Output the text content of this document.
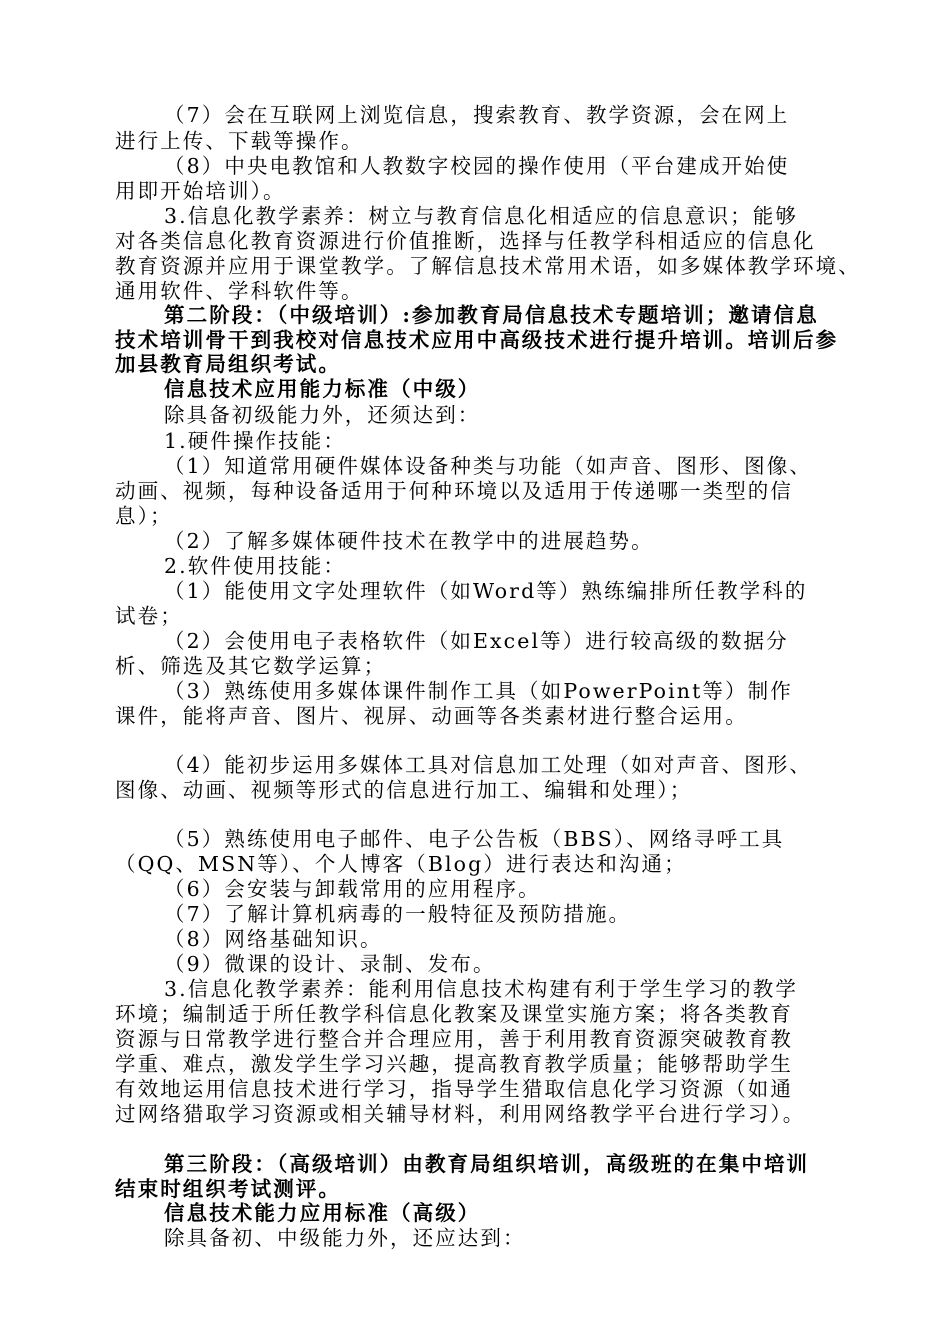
（7）会在互联网上浏览信息，搜索教育、教学资源，会在网上
进行上传、下载等操作。
（8）中央电教馆和人教数字校园的操作使用（平台建成开始使
用即开始培训）。
3.信息化教学素养：树立与教育信息化相适应的信息意识；能够
对各类信息化教育资源进行价值推断，选择与任教学科相适应的信息化
教育资源并应用于课堂教学。了解信息技术常用术语，如多媒体教学环境、
通用软件、学科软件等。
第二阶段：（中级培训）:参加教育局信息技术专题培训；邀请信息
技术培训骨干到我校对信息技术应用中高级技术进行提升培训。培训后参
加县教育局组织考试。
信息技术应用能力标准（中级）
除具备初级能力外，还须达到：
1.硬件操作技能：
（1）知道常用硬件媒体设备种类与功能（如声音、图形、图像、
动画、视频，每种设备适用于何种环境以及适用于传递哪一类型的信
息）；
（2）了解多媒体硬件技术在教学中的进展趋势。
2.软件使用技能：
（1）能使用文字处理软件（如Word等）熟练编排所任教学科的
试卷；
（2）会使用电子表格软件（如Excel等）进行较高级的数据分
析、筛选及其它数学运算；
（3）熟练使用多媒体课件制作工具（如PowerPoint等）制作
课件，能将声音、图片、视屏、动画等各类素材进行整合运用。
（4）能初步运用多媒体工具对信息加工处理（如对声音、图形、
图像、动画、视频等形式的信息进行加工、编辑和处理）；
（5）熟练使用电子邮件、电子公告板（BBS）、网络寻呼工具
（QQ、MSN等）、个人博客（Blog）进行表达和沟通；
（6）会安装与卸载常用的应用程序。
（7）了解计算机病毒的一般特征及预防措施。
（8）网络基础知识。
（9）微课的设计、录制、发布。
3.信息化教学素养：能利用信息技术构建有利于学生学习的教学
环境；编制适于所任教学科信息化教案及课堂实施方案；将各类教育
资源与日常教学进行整合并合理应用，善于利用教育资源突破教育教
学重、难点，激发学生学习兴趣，提高教育教学质量；能够帮助学生
有效地运用信息技术进行学习，指导学生猎取信息化学习资源（如通
过网络猎取学习资源或相关辅导材料，利用网络教学平台进行学习）。
第三阶段：（高级培训）由教育局组织培训，高级班的在集中培训
结束时组织考试测评。
信息技术能力应用标准（高级）
除具备初、中级能力外，还应达到：
